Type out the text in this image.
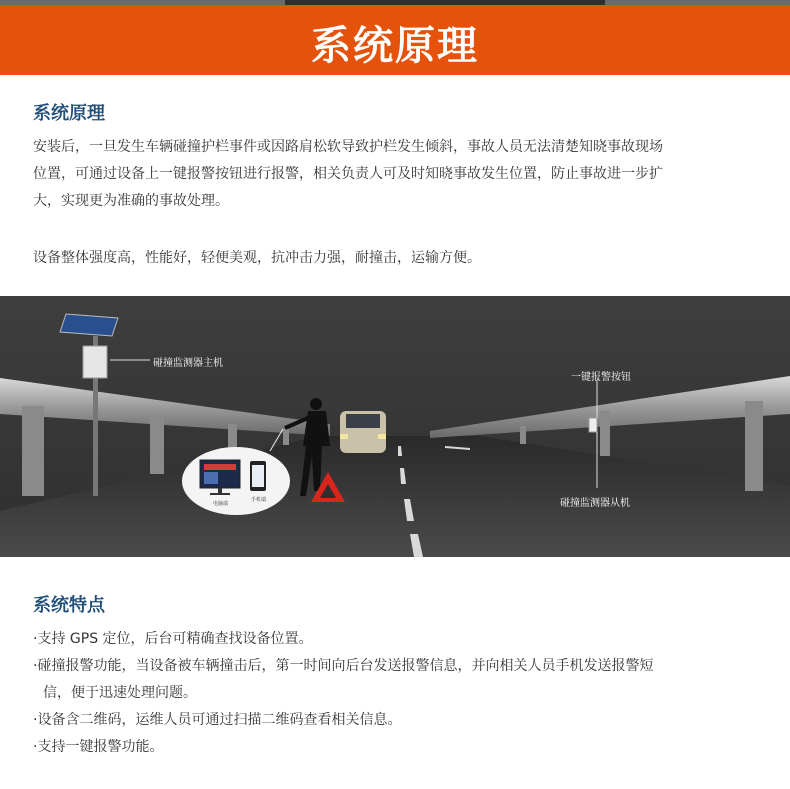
系统原理
系统原理
安装后，一旦发生车辆碰撞护栏事件或因路肩松软导致护栏发生倾斜，事故人员无法清楚知晓事故现场
位置，可通过设备上一键报警按钮进行报警，相关负责人可及时知晓事故发生位置，防止事故进一步扩
大，实现更为准确的事故处理。
设备整体强度高，性能好，轻便美观，抗冲击力强，耐撞击，运输方便。
碰撞监测器主机
一键报警按钮
碰撞监测器从机
电脑端
手机端
系统特点
·支持 GPS 定位，后台可精确查找设备位置。
·碰撞报警功能，当设备被车辆撞击后，第一时间向后台发送报警信息，并向相关人员手机发送报警短
信，便于迅速处理问题。
·设备含二维码，运维人员可通过扫描二维码查看相关信息。
·支持一键报警功能。
